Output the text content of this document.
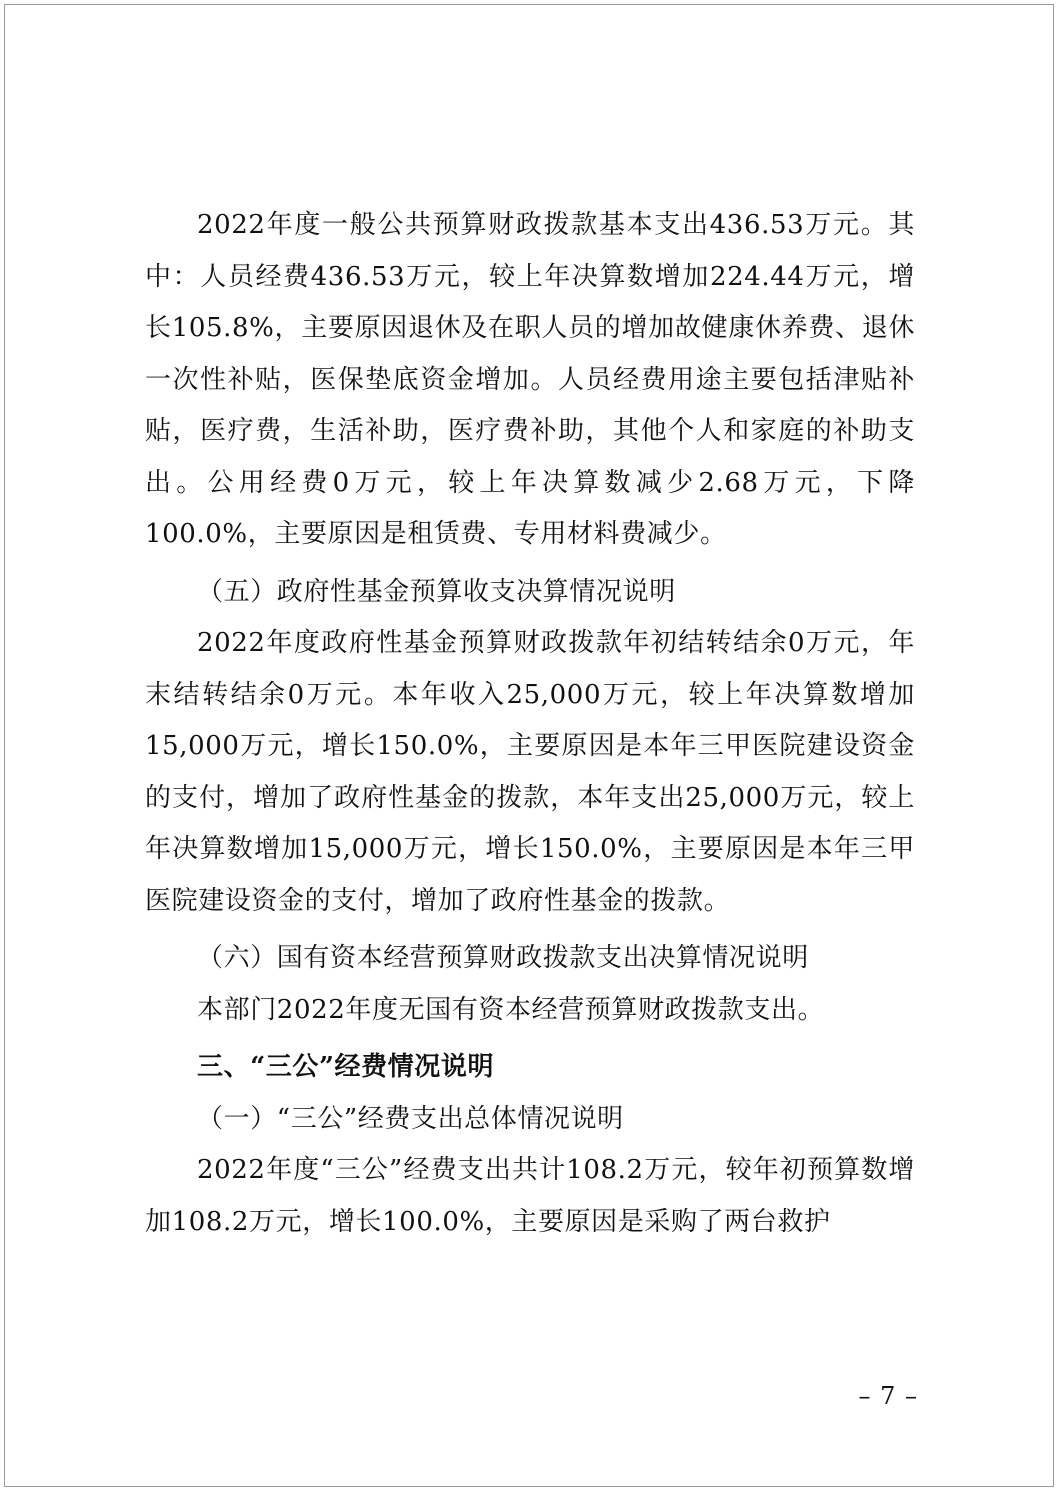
2022年度一般公共预算财政拨款基本支出436.53万元。其中：人员经费436.53万元，较上年决算数增加224.44万元，增长105.8%，主要原因退休及在职人员的增加故健康休养费、退休一次性补贴，医保垫底资金增加。人员经费用途主要包括津贴补贴，医疗费，生活补助，医疗费补助，其他个人和家庭的补助支出。公用经费0万元，较上年决算数减少2.68万元，下降100.0%，主要原因是租赁费、专用材料费减少。

（五）政府性基金预算收支决算情况说明

2022年度政府性基金预算财政拨款年初结转结余0万元，年末结转结余0万元。本年收入25,000万元，较上年决算数增加15,000万元，增长150.0%，主要原因是本年三甲医院建设资金的支付，增加了政府性基金的拨款，本年支出25,000万元，较上年决算数增加15,000万元，增长150.0%，主要原因是本年三甲医院建设资金的支付，增加了政府性基金的拨款。

（六）国有资本经营预算财政拨款支出决算情况说明

本部门2022年度无国有资本经营预算财政拨款支出。

三、“三公”经费情况说明

（一）“三公”经费支出总体情况说明

2022年度“三公”经费支出共计108.2万元，较年初预算数增加108.2万元，增长100.0%，主要原因是采购了两台救护

– 7 –
